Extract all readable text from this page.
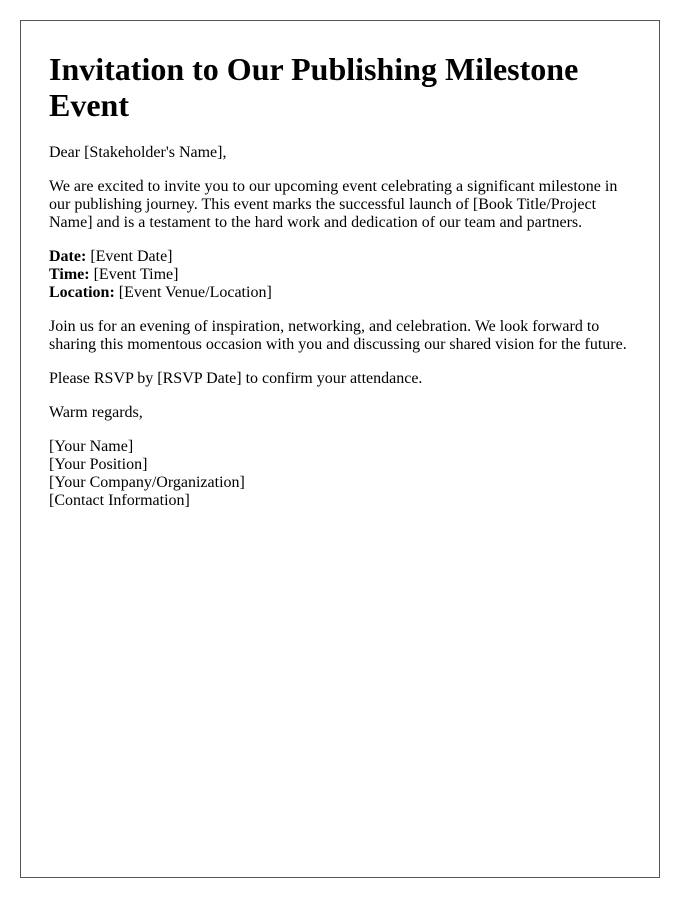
Invitation to Our Publishing Milestone Event

Dear [Stakeholder's Name],

We are excited to invite you to our upcoming event celebrating a significant milestone in our publishing journey. This event marks the successful launch of [Book Title/Project Name] and is a testament to the hard work and dedication of our team and partners.

Date: [Event Date]
Time: [Event Time]
Location: [Event Venue/Location]

Join us for an evening of inspiration, networking, and celebration. We look forward to sharing this momentous occasion with you and discussing our shared vision for the future.

Please RSVP by [RSVP Date] to confirm your attendance.

Warm regards,

[Your Name]
[Your Position]
[Your Company/Organization]
[Contact Information]
